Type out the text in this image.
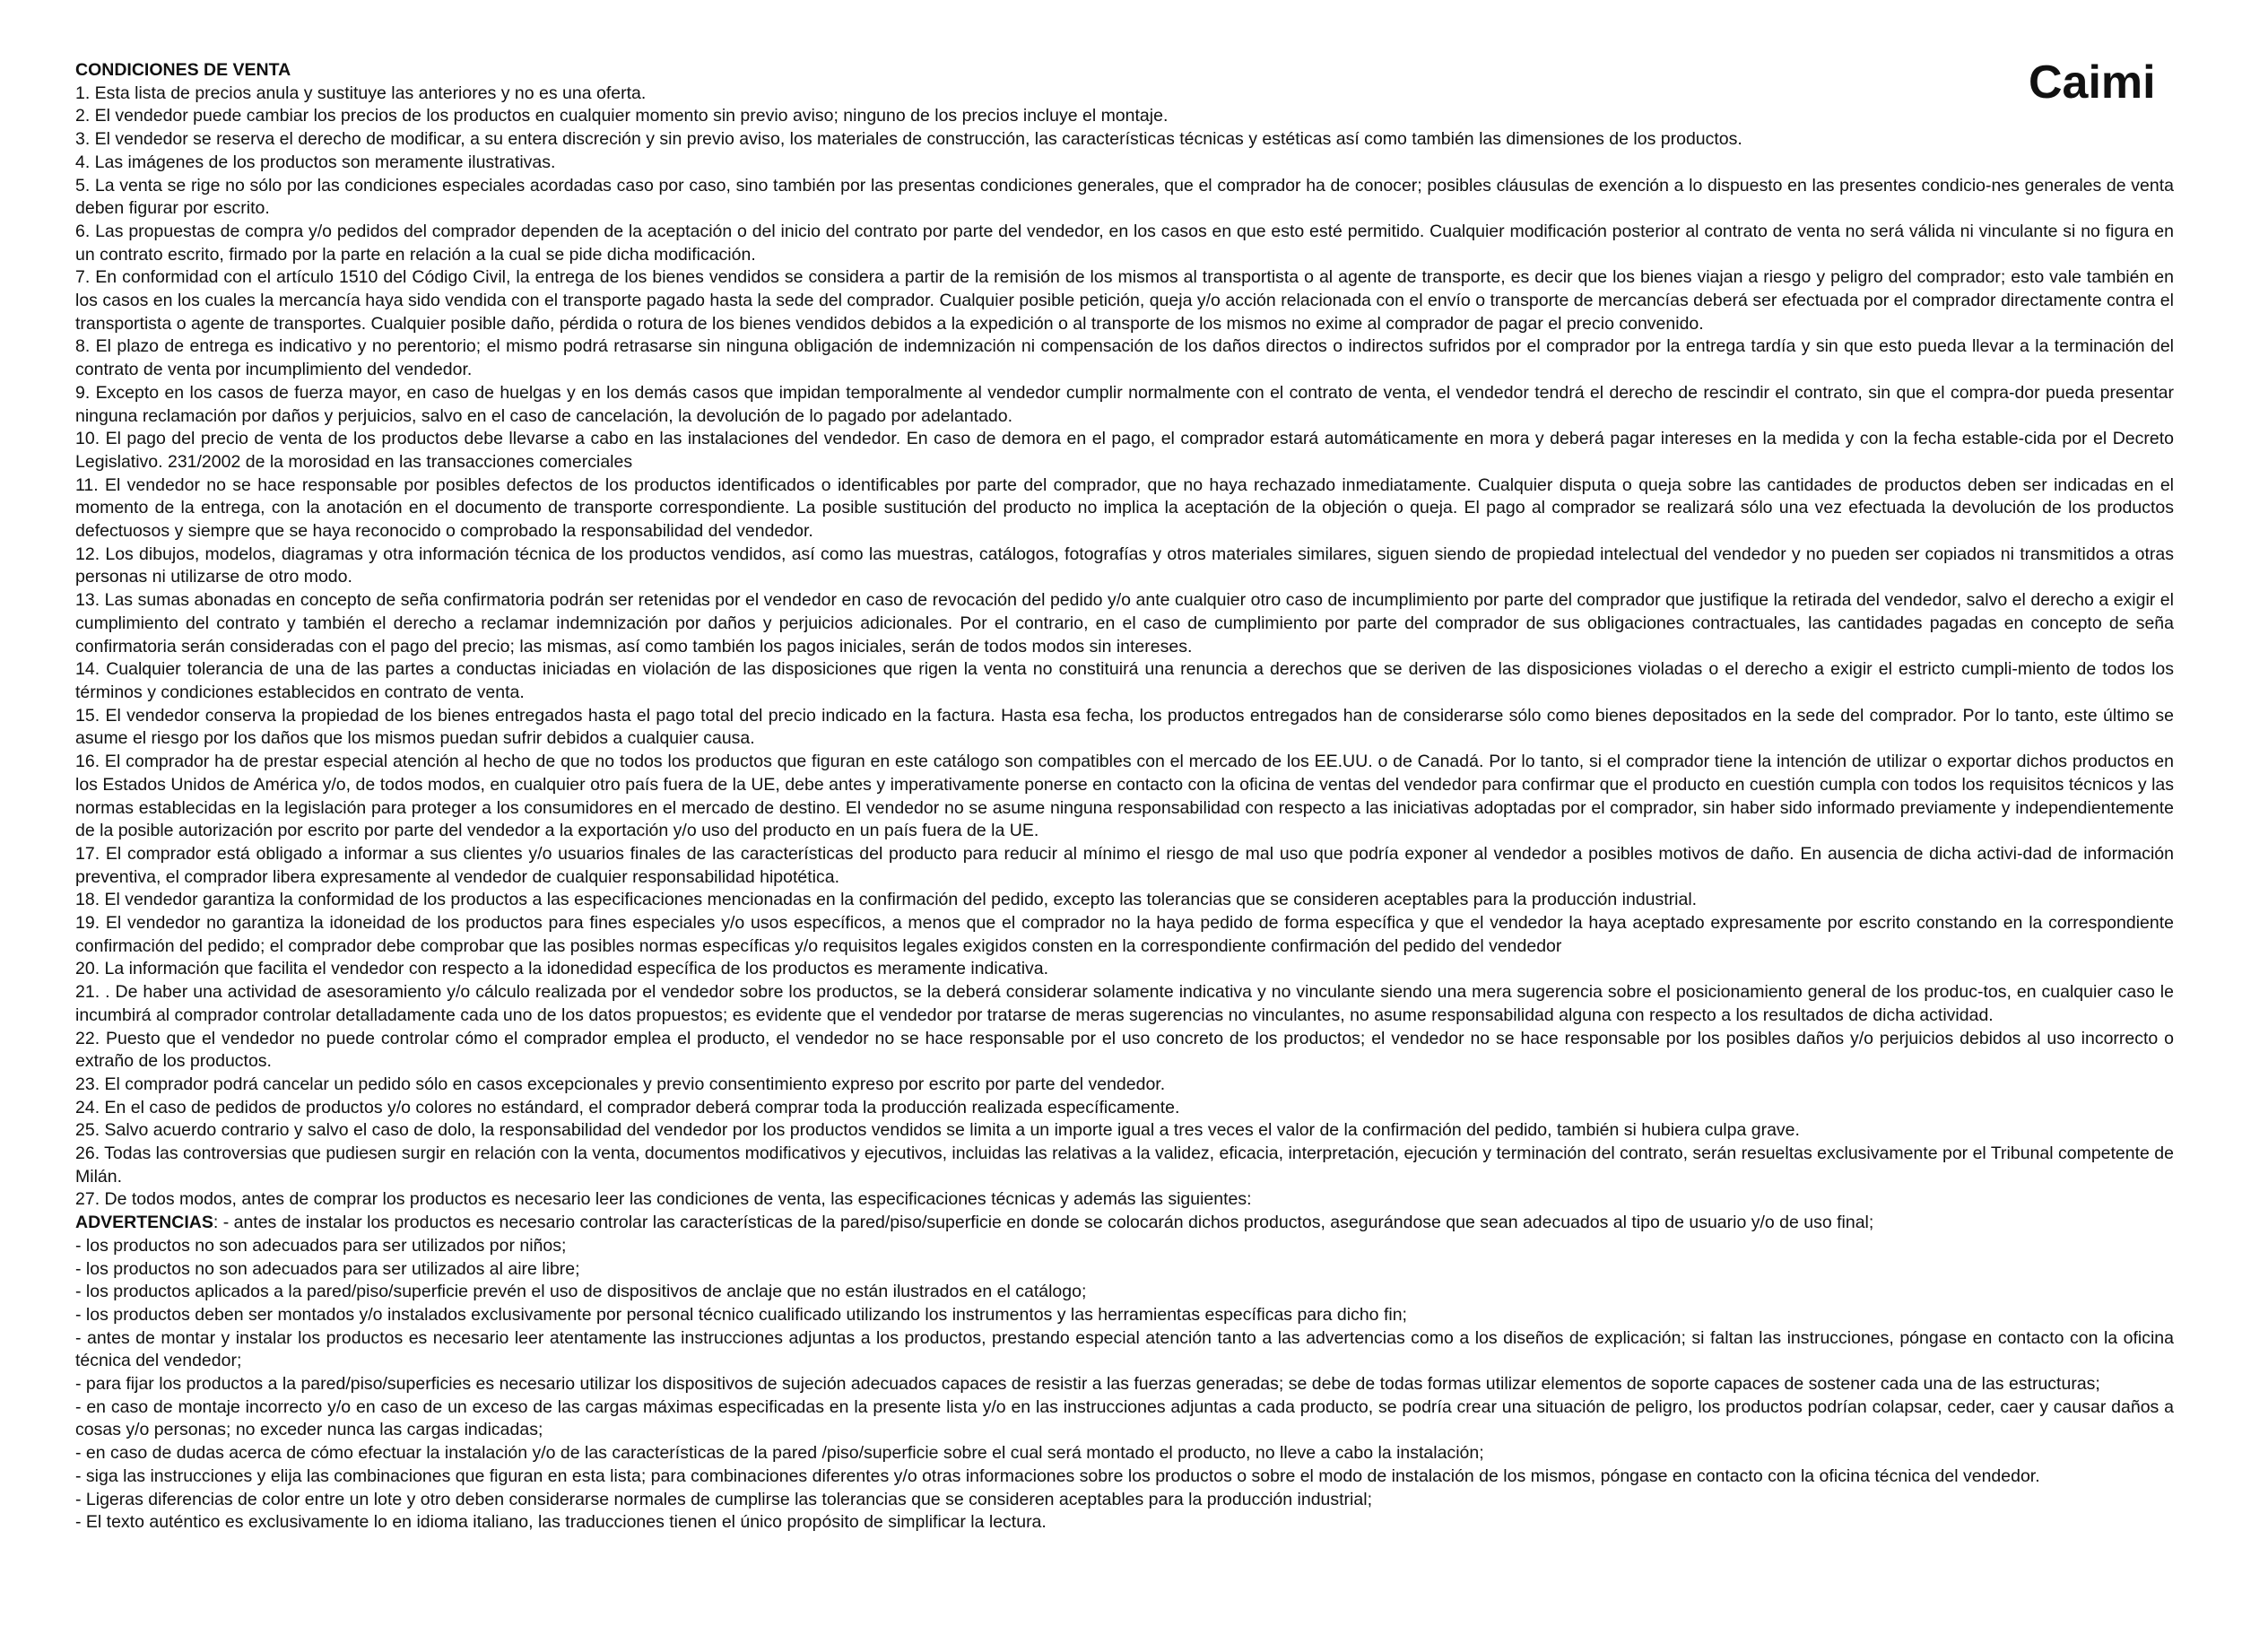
Caimi

CONDICIONES DE VENTA

1. Esta lista de precios anula y sustituye las anteriores y no es una oferta.

2. El vendedor puede cambiar los precios de los productos en cualquier momento sin previo aviso; ninguno de los precios incluye el montaje.

3. El vendedor se reserva el derecho de modificar, a su entera discreción y sin previo aviso, los materiales de construcción, las características técnicas y estéticas así como también las dimensiones de los productos.

4. Las imágenes de los productos son meramente ilustrativas.

5. La venta se rige no sólo por las condiciones especiales acordadas caso por caso, sino también por las presentas condiciones generales, que el comprador ha de conocer; posibles cláusulas de exención a lo dispuesto en las presentes condicio-nes generales de venta deben figurar por escrito.

6. Las propuestas de compra y/o pedidos del comprador dependen de la aceptación o del inicio del contrato por parte del vendedor, en los casos en que esto esté permitido. Cualquier modificación posterior al contrato de venta no será válida ni vinculante si no figura en un contrato escrito, firmado por la parte en relación a la cual se pide dicha modificación.

7. En conformidad con el artículo 1510 del Código Civil, la entrega de los bienes vendidos se considera a partir de la remisión de los mismos al transportista o al agente de transporte, es decir que los bienes viajan a riesgo y peligro del comprador; esto vale también en los casos en los cuales la mercancía haya sido vendida con el transporte pagado hasta la sede del comprador. Cualquier posible petición, queja y/o acción relacionada con el envío o transporte de mercancías deberá ser efectuada por el comprador directamente contra el transportista o agente de transportes. Cualquier posible daño, pérdida o rotura de los bienes vendidos debidos a la expedición o al transporte de los mismos no exime al comprador de pagar el precio convenido.

8. El plazo de entrega es indicativo y no perentorio; el mismo podrá retrasarse sin ninguna obligación de indemnización ni compensación de los daños directos o indirectos sufridos por el comprador por la entrega tardía y sin que esto pueda llevar a la terminación del contrato de venta por incumplimiento del vendedor.

9. Excepto en los casos de fuerza mayor, en caso de huelgas y en los demás casos que impidan temporalmente al vendedor cumplir normalmente con el contrato de venta, el vendedor tendrá el derecho de rescindir el contrato, sin que el compra-dor pueda presentar ninguna reclamación por daños y perjuicios, salvo en el caso de cancelación, la devolución de lo pagado por adelantado.

10. El pago del precio de venta de los productos debe llevarse a cabo en las instalaciones del vendedor. En caso de demora en el pago, el comprador estará automáticamente en mora y deberá pagar intereses en la medida y con la fecha estable-cida por el Decreto Legislativo. 231/2002 de la morosidad en las transacciones comerciales

11. El vendedor no se hace responsable por posibles defectos de los productos identificados o identificables por parte del comprador, que no haya rechazado inmediatamente. Cualquier disputa o queja sobre las cantidades de productos deben ser indicadas en el momento de la entrega, con la anotación en el documento de transporte correspondiente. La posible sustitución del producto no implica la aceptación de la objeción o queja. El pago al comprador se realizará sólo una vez efectuada la devolución de los productos defectuosos y siempre que se haya reconocido o comprobado la responsabilidad del vendedor.

12. Los dibujos, modelos, diagramas y otra información técnica de los productos vendidos, así como las muestras, catálogos, fotografías y otros materiales similares, siguen siendo de propiedad intelectual del vendedor y no pueden ser copiados ni transmitidos a otras personas ni utilizarse de otro modo.

13. Las sumas abonadas en concepto de seña confirmatoria podrán ser retenidas por el vendedor en caso de revocación del pedido y/o ante cualquier otro caso de incumplimiento por parte del comprador que justifique la retirada del vendedor, salvo el derecho a exigir el cumplimiento del contrato y también el derecho a reclamar indemnización por daños y perjuicios adicionales. Por el contrario, en el caso de cumplimiento por parte del comprador de sus obligaciones contractuales, las cantidades pagadas en concepto de seña confirmatoria serán consideradas con el pago del precio; las mismas, así como también los pagos iniciales, serán de todos modos sin intereses.

14. Cualquier tolerancia de una de las partes a conductas iniciadas en violación de las disposiciones que rigen la venta no constituirá una renuncia a derechos que se deriven de las disposiciones violadas o el derecho a exigir el estricto cumpli-miento de todos los términos y condiciones establecidos en contrato de venta.

15. El vendedor conserva la propiedad de los bienes entregados hasta el pago total del precio indicado en la factura. Hasta esa fecha, los productos entregados han de considerarse sólo como bienes depositados en la sede del comprador. Por lo tanto, este último se asume el riesgo por los daños que los mismos puedan sufrir debidos a cualquier causa.

16. El comprador ha de prestar especial atención al hecho de que no todos los productos que figuran en este catálogo son compatibles con el mercado de los EE.UU. o de Canadá. Por lo tanto, si el comprador tiene la intención de utilizar o exportar dichos productos en los Estados Unidos de América y/o, de todos modos, en cualquier otro país fuera de la UE, debe antes y imperativamente ponerse en contacto con la oficina de ventas del vendedor para confirmar que el producto en cuestión cumpla con todos los requisitos técnicos y las normas establecidas en la legislación para proteger a los consumidores en el mercado de destino. El vendedor no se asume ninguna responsabilidad con respecto a las iniciativas adoptadas por el comprador, sin haber sido informado previamente y independientemente de la posible autorización por escrito por parte del vendedor a la exportación y/o uso del producto en un país fuera de la UE.

17. El comprador está obligado a informar a sus clientes y/o usuarios finales de las características del producto para reducir al mínimo el riesgo de mal uso que podría exponer al vendedor a posibles motivos de daño. En ausencia de dicha activi-dad de información preventiva, el comprador libera expresamente al vendedor de cualquier responsabilidad hipotética.

18. El vendedor garantiza la conformidad de los productos a las especificaciones mencionadas en la confirmación del pedido, excepto las tolerancias que se consideren aceptables para la producción industrial.

19. El vendedor no garantiza la idoneidad de los productos para fines especiales y/o usos específicos, a menos que el comprador no la haya pedido de forma específica y que el vendedor la haya aceptado expresamente por escrito constando en la correspondiente confirmación del pedido; el comprador debe comprobar que las posibles normas específicas y/o requisitos legales exigidos consten en la correspondiente confirmación del pedido del vendedor

20. La información que facilita el vendedor con respecto a la idonedidad específica de los productos es meramente indicativa.

21. . De haber una actividad de asesoramiento y/o cálculo realizada por el vendedor sobre los productos, se la deberá considerar solamente indicativa y no vinculante siendo una mera sugerencia sobre el posicionamiento general de los produc-tos, en cualquier caso le incumbirá al comprador controlar detalladamente cada uno de los datos propuestos; es evidente que el vendedor por tratarse de meras sugerencias no vinculantes, no asume responsabilidad alguna con respecto a los resultados de dicha actividad.

22. Puesto que el vendedor no puede controlar cómo el comprador emplea el producto, el vendedor no se hace responsable por el uso concreto de los productos; el vendedor no se hace responsable por los posibles daños y/o perjuicios debidos al uso incorrecto o extraño de los productos.

23. El comprador podrá cancelar un pedido sólo en casos excepcionales y previo consentimiento expreso por escrito por parte del vendedor.

24. En el caso de pedidos de productos y/o colores no estándard, el comprador deberá comprar toda la producción realizada específicamente.

25. Salvo acuerdo contrario y salvo el caso de dolo, la responsabilidad del vendedor por los productos vendidos se limita a un importe igual a tres veces el valor de la confirmación del pedido, también si hubiera culpa grave.

26. Todas las controversias que pudiesen surgir en relación con la venta, documentos modificativos y ejecutivos, incluidas las relativas a la validez, eficacia, interpretación, ejecución y terminación del contrato, serán resueltas exclusivamente por el Tribunal competente de Milán.

27. De todos modos, antes de comprar los productos es necesario leer las condiciones de venta, las especificaciones técnicas y además las siguientes:

ADVERTENCIAS: - antes de instalar los productos es necesario controlar las características de la pared/piso/superficie en donde se colocarán dichos productos, asegurándose que sean adecuados al tipo de usuario y/o de uso final;

- los productos no son adecuados para ser utilizados por niños;

- los productos no son adecuados para ser utilizados al aire libre;

- los productos aplicados a la pared/piso/superficie prevén el uso de dispositivos de anclaje que no están ilustrados en el catálogo;

- los productos deben ser montados y/o instalados exclusivamente por personal técnico cualificado utilizando los instrumentos y las herramientas específicas para dicho fin;

- antes de montar y instalar los productos es necesario leer atentamente las instrucciones adjuntas a los productos, prestando especial atención tanto a las advertencias como a los diseños de explicación; si faltan las instrucciones, póngase en contacto con la oficina técnica del vendedor;

- para fijar los productos a la pared/piso/superficies es necesario utilizar los dispositivos de sujeción adecuados capaces de resistir a las fuerzas generadas; se debe de todas formas utilizar elementos de soporte capaces de sostener cada una de las estructuras;

- en caso de montaje incorrecto y/o en caso de un exceso de las cargas máximas especificadas en la presente lista y/o en las instrucciones adjuntas a cada producto, se podría crear una situación de peligro, los productos podrían colapsar, ceder, caer y causar daños a cosas y/o personas; no exceder nunca las cargas indicadas;

- en caso de dudas acerca de cómo efectuar la instalación y/o de las características de la pared /piso/superficie sobre el cual será montado el producto, no lleve a cabo la instalación;

- siga las instrucciones y elija las combinaciones que figuran en esta lista; para combinaciones diferentes y/o otras informaciones sobre los productos o sobre el modo de instalación de los mismos, póngase en contacto con la oficina técnica del vendedor.

- Ligeras diferencias de color entre un lote y otro deben considerarse normales de cumplirse las tolerancias que se consideren aceptables para la producción industrial;

- El texto auténtico es exclusivamente lo en idioma italiano, las traducciones tienen el único propósito de simplificar la lectura.
